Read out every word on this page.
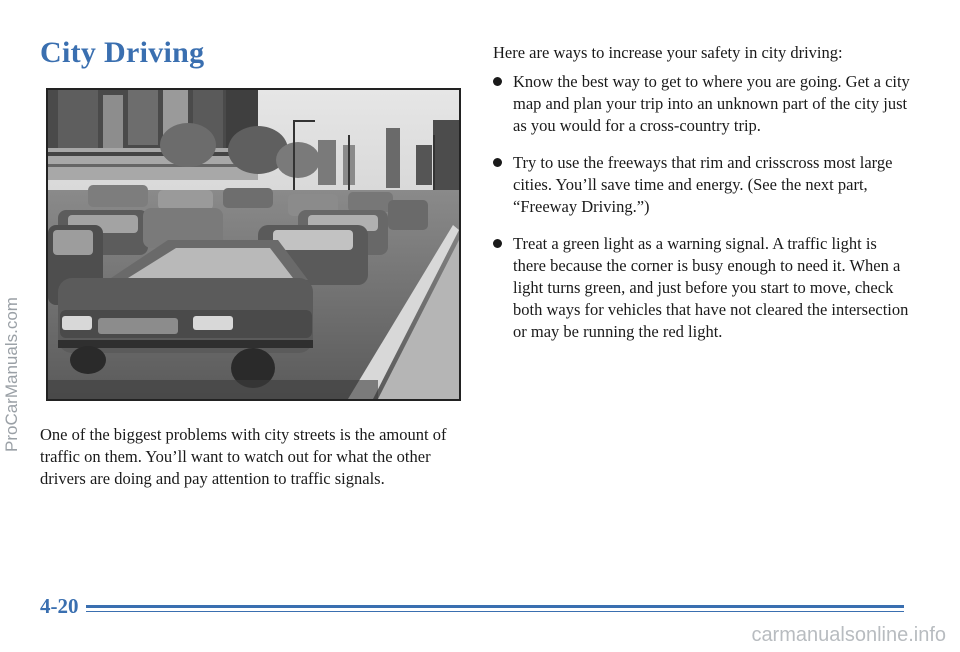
City Driving

One of the biggest problems with city streets is the amount of traffic on them. You’ll want to watch out for what the other drivers are doing and pay attention to traffic signals.

Here are ways to increase your safety in city driving:

Know the best way to get to where you are going. Get a city map and plan your trip into an unknown part of the city just as you would for a cross-country trip.
Try to use the freeways that rim and crisscross most large cities. You’ll save time and energy. (See the next part, “Freeway Driving.”)
Treat a green light as a warning signal. A traffic light is there because the corner is busy enough to need it. When a light turns green, and just before you start to move, check both ways for vehicles that have not cleared the intersection or may be running the red light.
ProCarManuals.com

4-20

carmanualsonline.info
